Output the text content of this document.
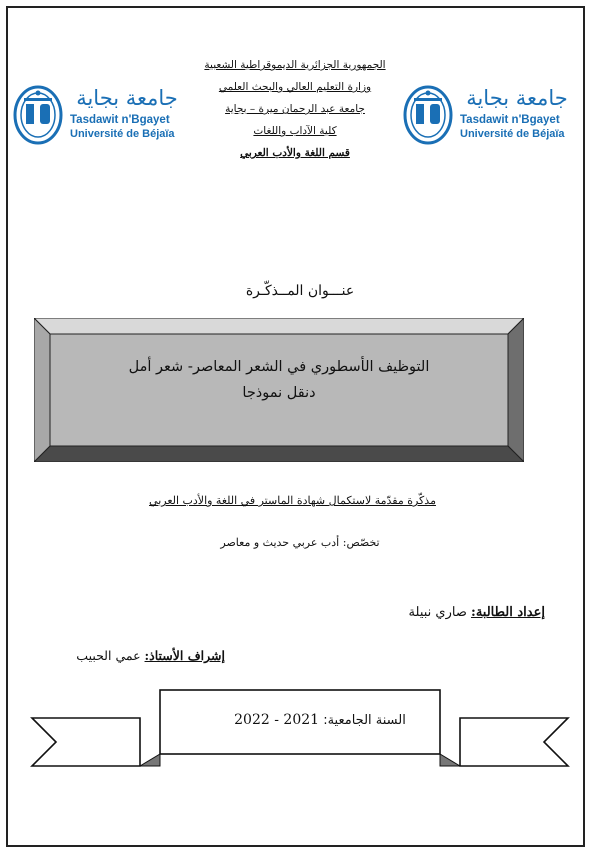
جامعة بجاية
Tasdawit n'Bgayet
Université de Béjaïa
جامعة بجاية
Tasdawit n'Bgayet
Université de Béjaïa
الجمهورية الجزائرية الديموقراطية الشعبية
وزارة التعليم العالي والبحث العلمي
جامعة عبد الرحمان ميرة – بجاية
كلية الآداب واللغات
قسم اللغة والأدب العربي
عنـــوان المــذكّـرة
التوظيف الأسطوري في الشعر المعاصر- شعر أمل
دنقل نموذجا
مذكّرة مقدّمة لاستكمال شهادة الماستر في اللغة والأدب العربي
تخصّص: أدب عربي حديث و معاصر
إعداد الطالبة: صاري نبيلة
إشراف الأستاذ: عمي الحبيب
السنة الجامعية: 2021 - 2022
